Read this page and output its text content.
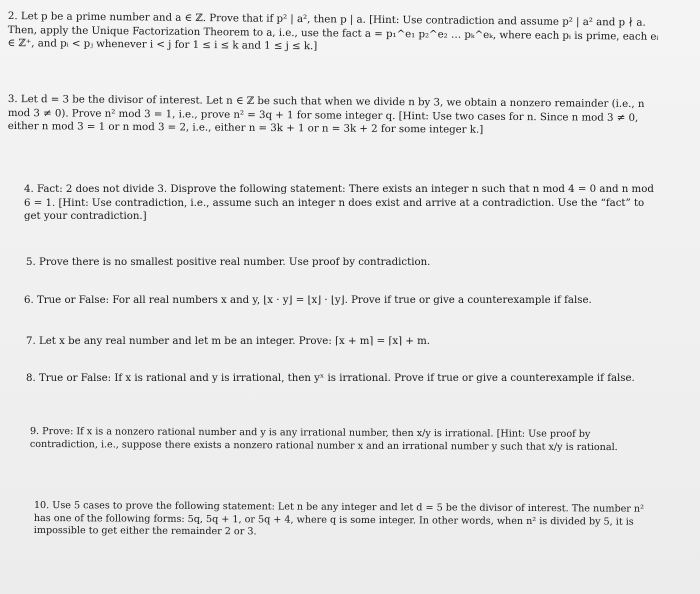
2. Let p be a prime number and a ∈ ℤ. Prove that if p² | a², then p | a. [Hint: Use contradiction and assume p² | a² and p ∤ a. Then, apply the Unique Factorization Theorem to a, i.e., use the fact a = p₁^e₁ p₂^e₂ … pₖ^eₖ, where each pᵢ is prime, each eᵢ ∈ ℤ⁺, and pᵢ < pⱼ whenever i < j for 1 ≤ i ≤ k and 1 ≤ j ≤ k.]

3. Let d = 3 be the divisor of interest. Let n ∈ ℤ be such that when we divide n by 3, we obtain a nonzero remainder (i.e., n mod 3 ≠ 0). Prove n² mod 3 = 1, i.e., prove n² = 3q + 1 for some integer q. [Hint: Use two cases for n. Since n mod 3 ≠ 0, either n mod 3 = 1 or n mod 3 = 2, i.e., either n = 3k + 1 or n = 3k + 2 for some integer k.]

4. Fact: 2 does not divide 3. Disprove the following statement: There exists an integer n such that n mod 4 = 0 and n mod 6 = 1. [Hint: Use contradiction, i.e., assume such an integer n does exist and arrive at a contradiction. Use the “fact” to get your contradiction.]

5. Prove there is no smallest positive real number. Use proof by contradiction.

6. True or False: For all real numbers x and y, ⌊x · y⌋ = ⌊x⌋ · ⌊y⌋. Prove if true or give a counterexample if false.

7. Let x be any real number and let m be an integer. Prove: ⌈x + m⌉ = ⌈x⌉ + m.

8. True or False: If x is rational and y is irrational, then yˣ is irrational. Prove if true or give a counterexample if false.

9. Prove: If x is a nonzero rational number and y is any irrational number, then x/y is irrational. [Hint: Use proof by contradiction, i.e., suppose there exists a nonzero rational number x and an irrational number y such that x/y is rational.

10. Use 5 cases to prove the following statement: Let n be any integer and let d = 5 be the divisor of interest. The number n² has one of the following forms: 5q, 5q + 1, or 5q + 4, where q is some integer. In other words, when n² is divided by 5, it is impossible to get either the remainder 2 or 3.
